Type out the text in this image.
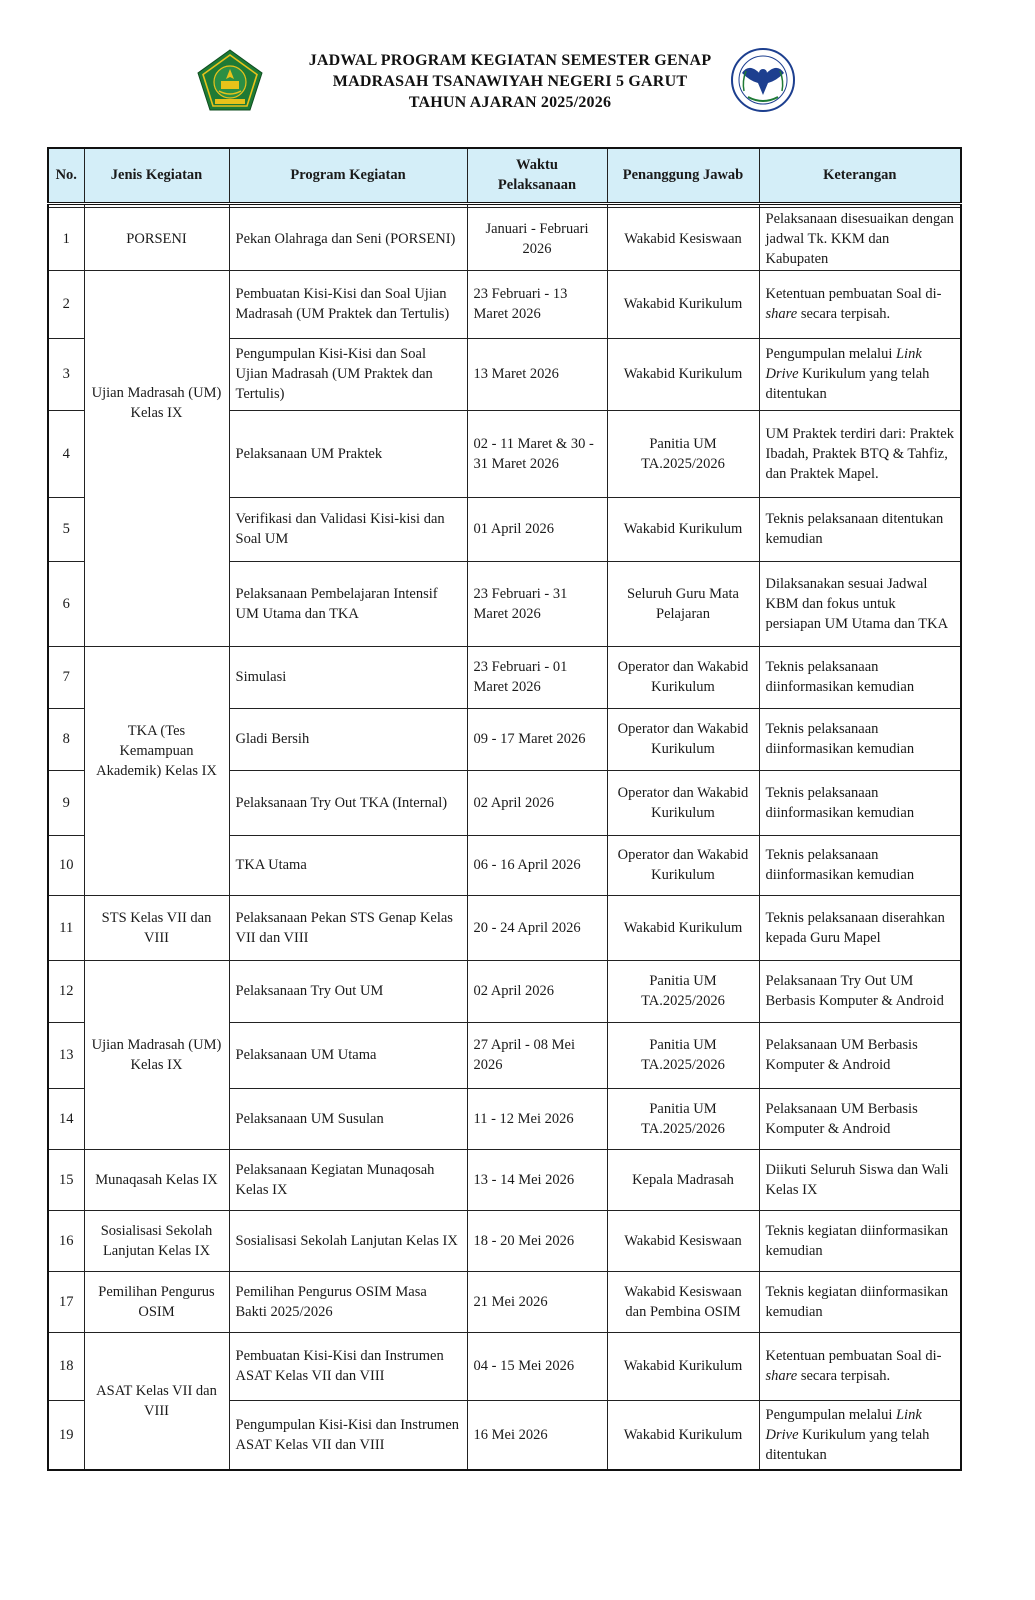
JADWAL PROGRAM KEGIATAN SEMESTER GENAP
MADRASAH TSANAWIYAH NEGERI 5 GARUT
TAHUN AJARAN 2025/2026
No.	Jenis Kegiatan	Program Kegiatan	Waktu Pelaksanaan	Penanggung Jawab	Keterangan

1	PORSENI	Pekan Olahraga dan Seni (PORSENI)	Januari - Februari 2026	Wakabid Kesiswaan	Pelaksanaan disesuaikan dengan jadwal Tk. KKM dan Kabupaten
2	Ujian Madrasah (UM) Kelas IX	Pembuatan Kisi-Kisi dan Soal Ujian Madrasah (UM Praktek dan Tertulis)	23 Februari - 13 Maret 2026	Wakabid Kurikulum	Ketentuan pembuatan Soal di-share secara terpisah.
3		Pengumpulan Kisi-Kisi dan Soal Ujian Madrasah (UM Praktek dan Tertulis)	13 Maret 2026	Wakabid Kurikulum	Pengumpulan melalui Link Drive Kurikulum yang telah ditentukan
4		Pelaksanaan UM Praktek	02 - 11 Maret & 30 - 31 Maret 2026	Panitia UM TA.2025/2026	UM Praktek terdiri dari: Praktek Ibadah, Praktek BTQ & Tahfiz, dan Praktek Mapel.
5		Verifikasi dan Validasi Kisi-kisi dan Soal UM	01 April 2026	Wakabid Kurikulum	Teknis pelaksanaan ditentukan kemudian
6		Pelaksanaan Pembelajaran Intensif UM Utama dan TKA	23 Februari - 31 Maret 2026	Seluruh Guru Mata Pelajaran	Dilaksanakan sesuai Jadwal KBM dan fokus untuk persiapan UM Utama dan TKA
7	TKA (Tes Kemampuan Akademik) Kelas IX	Simulasi	23 Februari - 01 Maret 2026	Operator dan Wakabid Kurikulum	Teknis pelaksanaan diinformasikan kemudian
8		Gladi Bersih	09 - 17 Maret 2026	Operator dan Wakabid Kurikulum	Teknis pelaksanaan diinformasikan kemudian
9		Pelaksanaan Try Out TKA (Internal)	02 April 2026	Operator dan Wakabid Kurikulum	Teknis pelaksanaan diinformasikan kemudian
10		TKA Utama	06 - 16 April 2026	Operator dan Wakabid Kurikulum	Teknis pelaksanaan diinformasikan kemudian
11	STS Kelas VII dan VIII	Pelaksanaan Pekan STS Genap Kelas VII dan VIII	20 - 24 April 2026	Wakabid Kurikulum	Teknis pelaksanaan diserahkan kepada Guru Mapel
12	Ujian Madrasah (UM) Kelas IX	Pelaksanaan Try Out UM	02 April 2026	Panitia UM TA.2025/2026	Pelaksanaan Try Out UM Berbasis Komputer & Android
13		Pelaksanaan UM Utama	27 April - 08 Mei 2026	Panitia UM TA.2025/2026	Pelaksanaan UM Berbasis Komputer & Android
14		Pelaksanaan UM Susulan	11 - 12 Mei 2026	Panitia UM TA.2025/2026	Pelaksanaan UM Berbasis Komputer & Android
15	Munaqasah Kelas IX	Pelaksanaan Kegiatan Munaqosah Kelas IX	13 - 14 Mei 2026	Kepala Madrasah	Diikuti Seluruh Siswa dan Wali Kelas IX
16	Sosialisasi Sekolah Lanjutan Kelas IX	Sosialisasi Sekolah Lanjutan Kelas IX	18 - 20 Mei 2026	Wakabid Kesiswaan	Teknis kegiatan diinformasikan kemudian
17	Pemilihan Pengurus OSIM	Pemilihan Pengurus OSIM Masa Bakti 2025/2026	21 Mei 2026	Wakabid Kesiswaan dan Pembina OSIM	Teknis kegiatan diinformasikan kemudian
18	ASAT Kelas VII dan VIII	Pembuatan Kisi-Kisi dan Instrumen ASAT Kelas VII dan VIII	04 - 15 Mei 2026	Wakabid Kurikulum	Ketentuan pembuatan Soal di-share secara terpisah.
19		Pengumpulan Kisi-Kisi dan Instrumen ASAT Kelas VII dan VIII	16 Mei 2026	Wakabid Kurikulum	Pengumpulan melalui Link Drive Kurikulum yang telah ditentukan
